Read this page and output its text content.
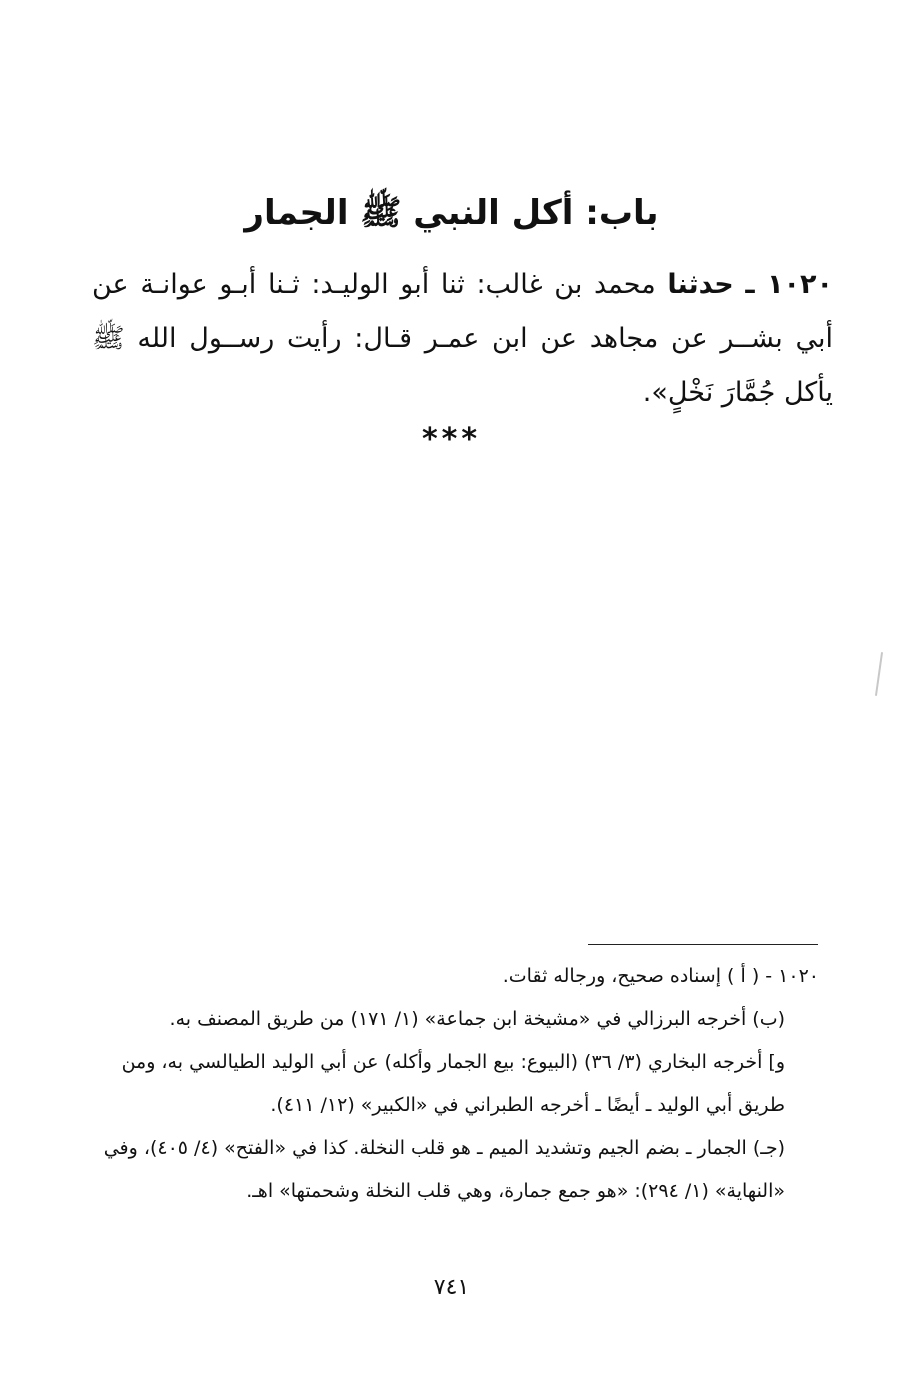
باب: أكل النبي ﷺ الجمار
١٠٢٠ ـ حدثنا محمد بن غالب: ثنا أبو الوليـد: ثـنا أبـو عوانـة عن أبي بشــر عن مجاهد عن ابن عمـر قـال: رأيت رســول الله ﷺ يأكل جُمَّارَ نَخْلٍ».
***

١٠٢٠ - ( أ ) إسناده صحيح، ورجاله ثقات.

(ب) أخرجه البرزالي في «مشيخة ابن جماعة» (١/ ١٧١) من طريق المصنف به.

و] أخرجه البخاري (٣/ ٣٦) (البيوع: بيع الجمار وأكله) عن أبي الوليد الطيالسي به، ومن طريق أبي الوليد ـ أيضًا ـ أخرجه الطبراني في «الكبير» (١٢/ ٤١١).

(جـ) الجمار ـ بضم الجيم وتشديد الميم ـ هو قلب النخلة. كذا في «الفتح» (٤/ ٤٠٥)، وفي «النهاية» (١/ ٢٩٤): «هو جمع جمارة، وهي قلب النخلة وشحمتها» اهـ.

٧٤١
